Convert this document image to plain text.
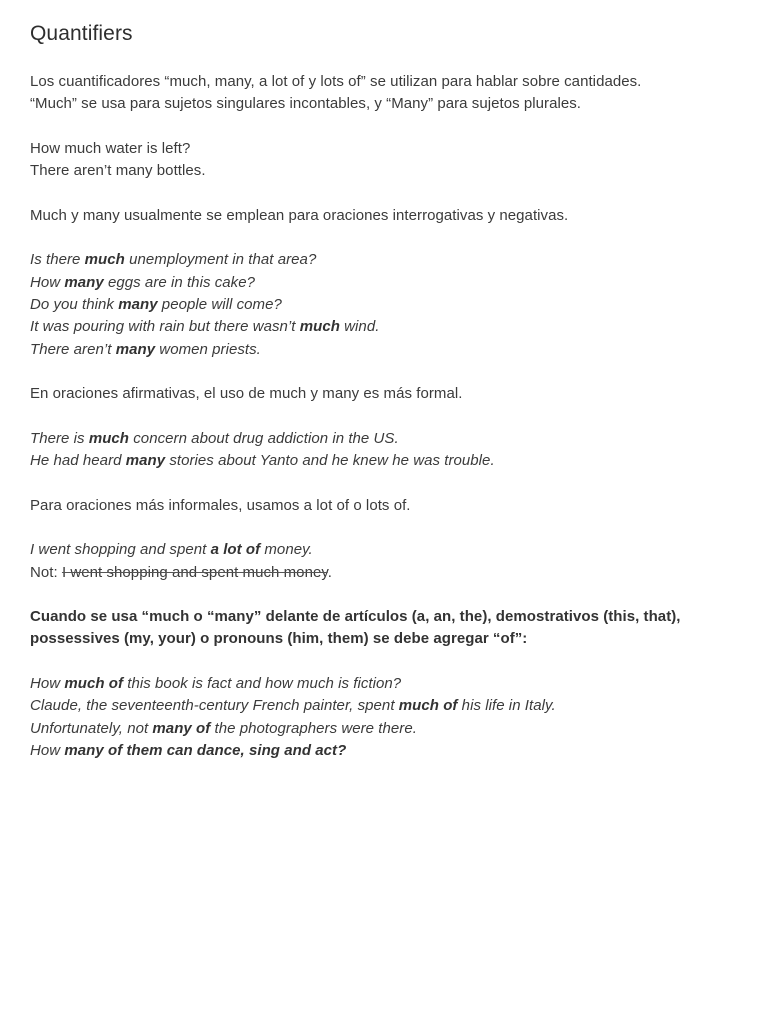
Quantifiers
Los cuantificadores “much, many, a lot of y lots of” se utilizan para hablar sobre cantidades.
“Much” se usa para sujetos singulares incontables, y “Many” para sujetos plurales.
How much water is left?
There aren’t many bottles.
Much y many usualmente se emplean para oraciones interrogativas y negativas.
Is there much unemployment in that area?
How many eggs are in this cake?
Do you think many people will come?
It was pouring with rain but there wasn’t much wind.
There aren’t many women priests.
En oraciones afirmativas, el uso de much y many es más formal.
There is much concern about drug addiction in the US.
He had heard many stories about Yanto and he knew he was trouble.
Para oraciones más informales, usamos a lot of o lots of.
I went shopping and spent a lot of money.
Not: I went shopping and spent much money.
Cuando se usa “much o “many” delante de artículos (a, an, the), demostrativos (this, that),
possessives (my, your) o pronouns (him, them) se debe agregar “of”:
How much of this book is fact and how much is fiction?
Claude, the seventeenth-century French painter, spent much of his life in Italy.
Unfortunately, not many of the photographers were there.
How many of them can dance, sing and act?
